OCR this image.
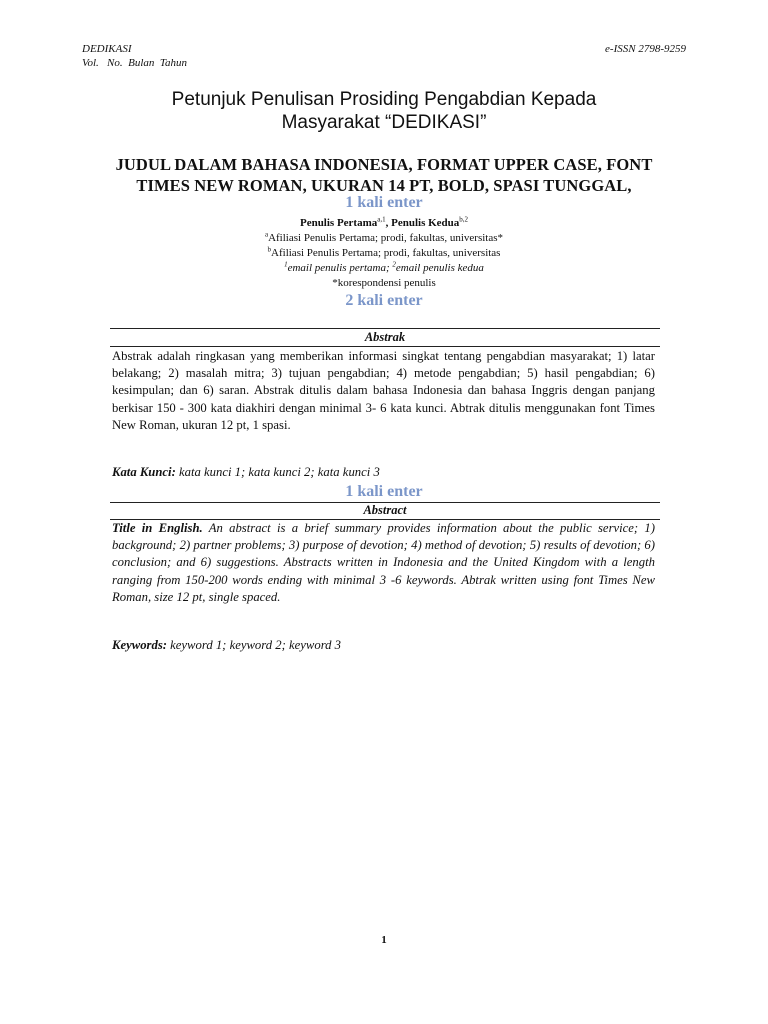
DEDIKASI
Vol.   No.  Bulan  Tahun
e-ISSN 2798-9259
Petunjuk Penulisan Prosiding Pengabdian Kepada
Masyarakat “DEDIKASI”
JUDUL DALAM BAHASA INDONESIA, FORMAT UPPER CASE, FONT
TIMES NEW ROMAN, UKURAN 14 PT, BOLD, SPASI TUNGGAL,
1 kali enter
Penulis Pertama$^{a,1}$, Penulis Kedua$^{b,2}$
$^a$Afiliasi Penulis Pertama; prodi, fakultas, universitas*
$^b$Afiliasi Penulis Pertama; prodi, fakultas, universitas
$^1$email penulis pertama; $^2$email penulis kedua
*korespondensi penulis
2 kali enter
Abstrak
Abstrak adalah ringkasan yang memberikan informasi singkat tentang pengabdian masyarakat; 1) latar belakang; 2) masalah mitra; 3) tujuan pengabdian; 4) metode pengabdian; 5) hasil pengabdian; 6) kesimpulan; dan 6) saran. Abstrak ditulis dalam bahasa Indonesia dan bahasa Inggris dengan panjang berkisar 150 - 300 kata diakhiri dengan minimal 3- 6 kata kunci. Abtrak ditulis menggunakan font Times New Roman, ukuran 12 pt, 1 spasi.
Kata Kunci: kata kunci 1; kata kunci 2; kata kunci 3
1 kali enter
Abstract
Title in English. An abstract is a brief summary provides information about the public service; 1) background; 2) partner problems; 3) purpose of devotion; 4) method of devotion; 5) results of devotion; 6) conclusion; and 6) suggestions. Abstracts written in Indonesia and the United Kingdom with a length ranging from 150-200 words ending with minimal 3 -6 keywords. Abtrak written using font Times New Roman, size 12 pt, single spaced.
Keywords: keyword 1; keyword 2; keyword 3
1
